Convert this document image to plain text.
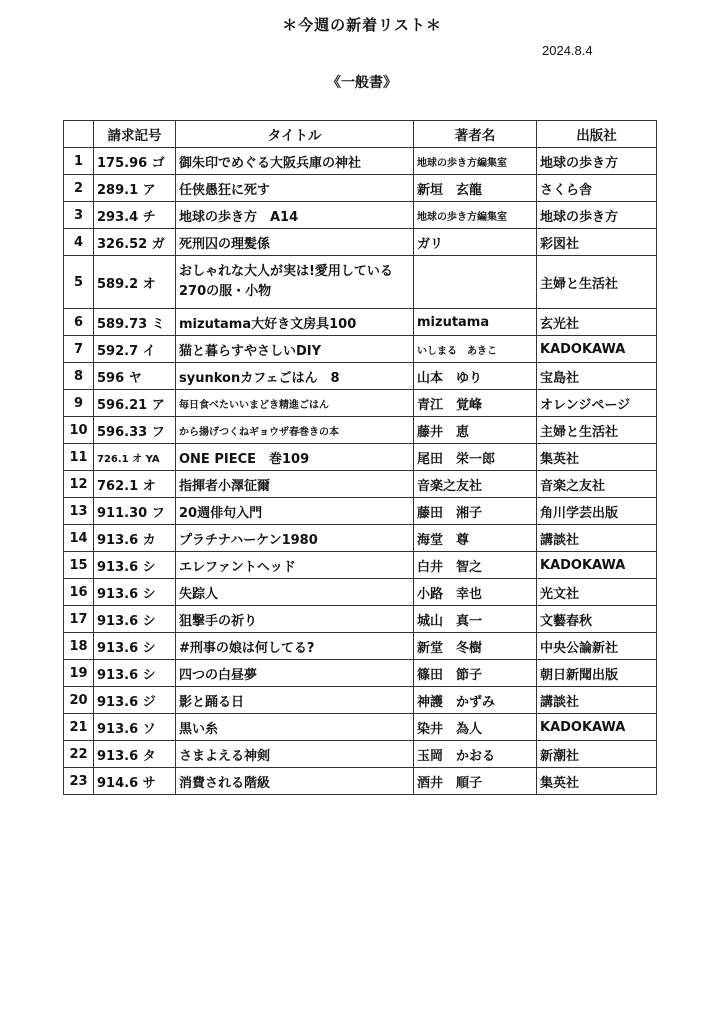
＊今週の新着リスト＊
2024.8.4
《一般書》
	請求記号	タイトル	著者名	出版社
1	175.96 ゴ	御朱印でめぐる大阪兵庫の神社	地球の歩き方編集室	地球の歩き方
2	289.1 ア	任侠愚狂に死す	新垣　玄龍	さくら舎
3	293.4 チ	地球の歩き方　A14	地球の歩き方編集室	地球の歩き方
4	326.52 ガ	死刑囚の理髪係	ガリ	彩図社
5	589.2 オ	おしゃれな大人が実は!愛用している270の服・小物		主婦と生活社
6	589.73 ミ	mizutama大好き文房具100	mizutama	玄光社
7	592.7 イ	猫と暮らすやさしいDIY	いしまる　あきこ	KADOKAWA
8	596 ヤ	syunkonカフェごはん　8	山本　ゆり	宝島社
9	596.21 ア	毎日食べたいいまどき精進ごはん	青江　覚峰	オレンジページ
10	596.33 フ	から揚げつくねギョウザ春巻きの本	藤井　恵	主婦と生活社
11	726.1 オ YA	ONE PIECE　巻109	尾田　栄一郎	集英社
12	762.1 オ	指揮者小澤征爾	音楽之友社	音楽之友社
13	911.30 フ	20週俳句入門	藤田　湘子	角川学芸出版
14	913.6 カ	プラチナハーケン1980	海堂　尊	講談社
15	913.6 シ	エレファントヘッド	白井　智之	KADOKAWA
16	913.6 シ	失踪人	小路　幸也	光文社
17	913.6 シ	狙撃手の祈り	城山　真一	文藝春秋
18	913.6 シ	#刑事の娘は何してる?	新堂　冬樹	中央公論新社
19	913.6 シ	四つの白昼夢	篠田　節子	朝日新聞出版
20	913.6 ジ	影と踊る日	神護　かずみ	講談社
21	913.6 ソ	黒い糸	染井　為人	KADOKAWA
22	913.6 タ	さまよえる神剣	玉岡　かおる	新潮社
23	914.6 サ	消費される階級	酒井　順子	集英社
